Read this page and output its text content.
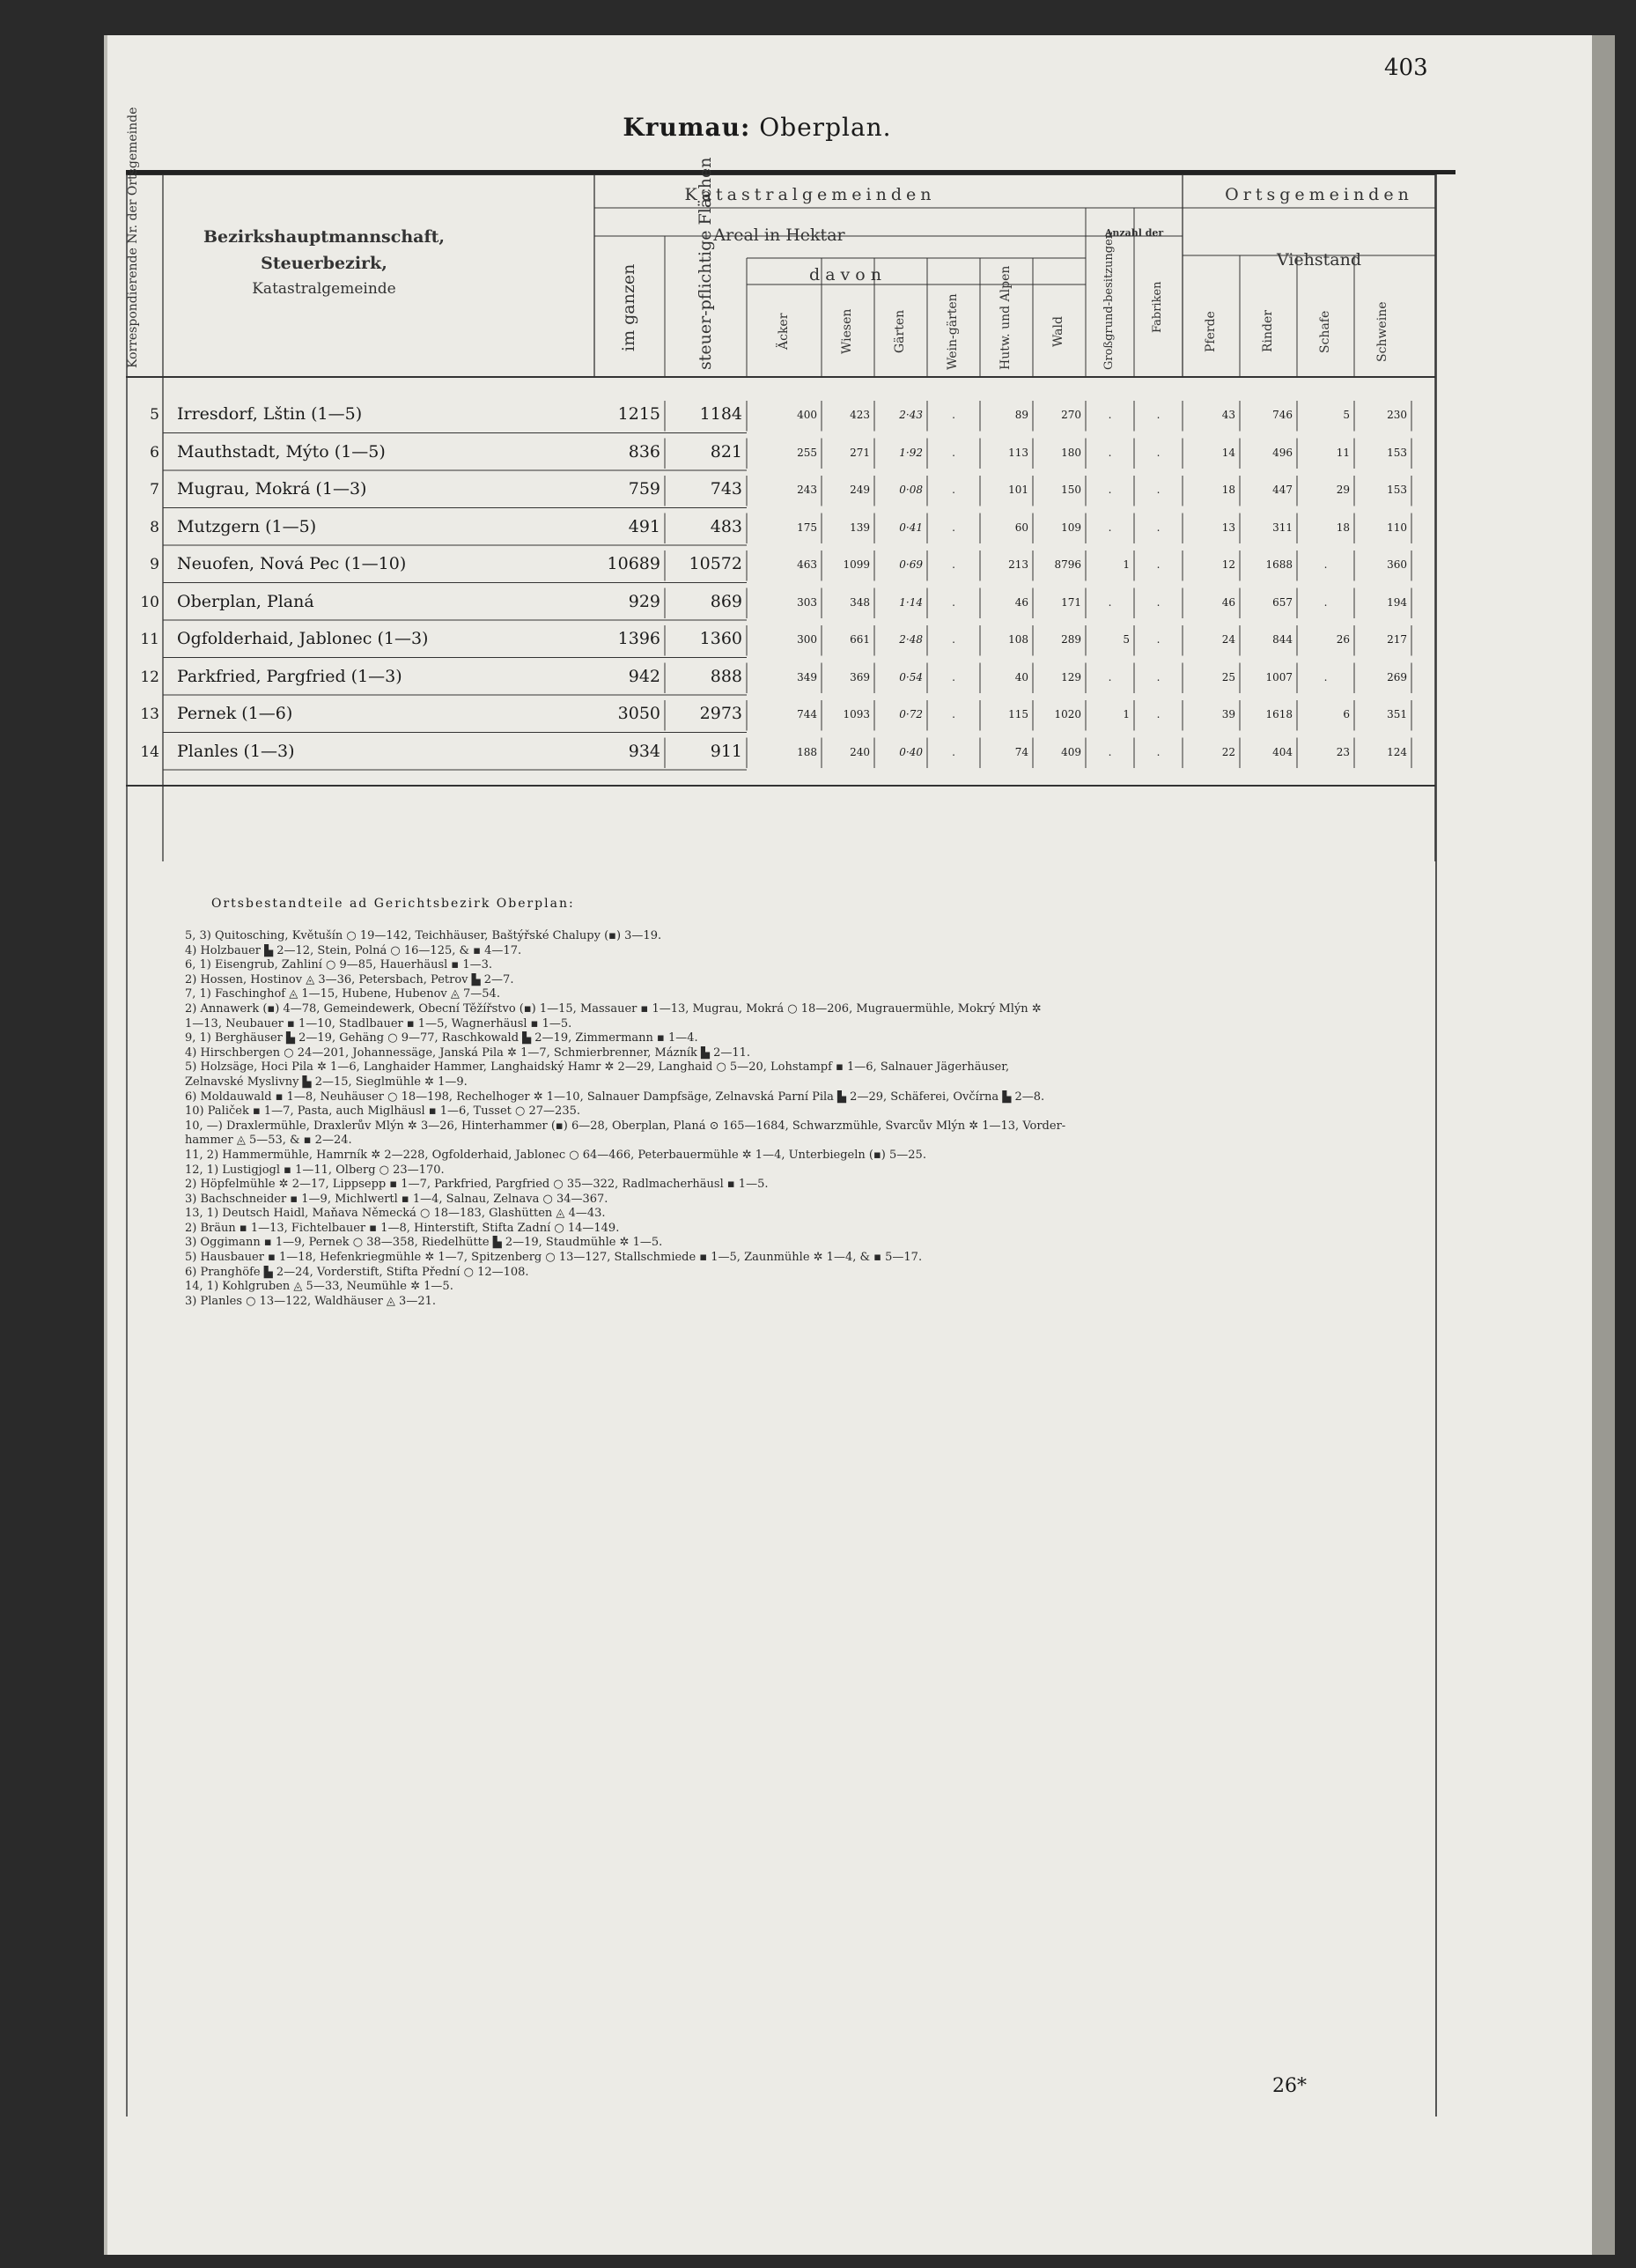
403
Krumau: Oberplan.
Korrespondierende Nr. der Ortsgemeinde	Bezirkshauptmannschaft,
Steuerbezirk,
Katastralgemeinde
Katastralgemeinden	Ortsgemeinden
Areal in Hektar	Anzahl der
davon
Viehstand
im ganzen	steuer-pflichtige Flächen	Äcker	Wiesen	Gärten	Wein-gärten	Hutw. und Alpen	Wald	Großgrund-besitzungen	Fabriken	Pferde	Rinder	Schafe	Schweine
5 Irresdorf, Lštin (1—5)	1215	1184	400	423	2·43	.	89	270	.	.	43	746	5	230
6 Mauthstadt, Mýto (1—5)	836	821	255	271	1·92	.	113	180	.	.	14	496	11	153
7 Mugrau, Mokrá (1—3)	759	743	243	249	0·08	.	101	150	.	.	18	447	29	153
8 Mutzgern (1—5)	491	483	175	139	0·41	.	60	109	.	.	13	311	18	110
9 Neuofen, Nová Pec (1—10)	10689	10572	463	1099	0·69	.	213	8796	1	.	12	1688	.	360
10 Oberplan, Planá	929	869	303	348	1·14	.	46	171	.	.	46	657	.	194
11 Ogfolderhaid, Jablonec (1—3)	1396	1360	300	661	2·48	.	108	289	5	.	24	844	26	217
12 Parkfried, Pargfried (1—3)	942	888	349	369	0·54	.	40	129	.	.	25	1007	.	269
13 Pernek (1—6)	3050	2973	744	1093	0·72	.	115	1020	1	.	39	1618	6	351
14 Planles (1—3)	934	911	188	240	0·40	.	74	409	.	.	22	404	23	124
Ortsbestandteile ad Gerichtsbezirk Oberplan:
5, 3) Quitosching, Květušín ○ 19—142, Teichhäuser, Baštýřské Chalupy (▪) 3—19.
4) Holzbauer ▙ 2—12, Stein, Polná ○ 16—125, & ▪ 4—17.
6, 1) Eisengrub, Zahliní ○ 9—85, Hauerhäusl ▪ 1—3.
2) Hossen, Hostinov ◬ 3—36, Petersbach, Petrov ▙ 2—7.
7, 1) Faschinghof ◬ 1—15, Hubene, Hubenov ◬ 7—54.
2) Annawerk (▪) 4—78, Gemeindewerk, Obecní Těžířstvo (▪) 1—15, Massauer ▪ 1—13, Mugrau, Mokrá ○ 18—206, Mugrauermühle, Mokrý Mlýn ✲
1—13, Neubauer ▪ 1—10, Stadlbauer ▪ 1—5, Wagnerhäusl ▪ 1—5.
9, 1) Berghäuser ▙ 2—19, Gehäng ○ 9—77, Raschkowald ▙ 2—19, Zimmermann ▪ 1—4.
4) Hirschbergen ○ 24—201, Johannessäge, Janská Pila ✲ 1—7, Schmierbrenner, Mázník ▙ 2—11.
5) Holzsäge, Hoci Pila ✲ 1—6, Langhaider Hammer, Langhaidský Hamr ✲ 2—29, Langhaid ○ 5—20, Lohstampf ▪ 1—6, Salnauer Jägerhäuser,
Zelnavské Myslivny ▙ 2—15, Sieglmühle ✲ 1—9.
6) Moldauwald ▪ 1—8, Neuhäuser ○ 18—198, Rechelhoger ✲ 1—10, Salnauer Dampfsäge, Zelnavská Parní Pila ▙ 2—29, Schäferei, Ovčírna ▙ 2—8.
10) Paliček ▪ 1—7, Pasta, auch Miglhäusl ▪ 1—6, Tusset ○ 27—235.
10, —) Draxlermühle, Draxlerův Mlýn ✲ 3—26, Hinterhammer (▪) 6—28, Oberplan, Planá ⊙ 165—1684, Schwarzmühle, Švarcův Mlýn ✲ 1—13, Vorder-
hammer ◬ 5—53, & ▪ 2—24.
11, 2) Hammermühle, Hamrník ✲ 2—228, Ogfolderhaid, Jablonec ○ 64—466, Peterbauermühle ✲ 1—4, Unterbiegeln (▪) 5—25.
12, 1) Lustigjogl ▪ 1—11, Ölberg ○ 23—170.
2) Höpfelmühle ✲ 2—17, Lippsepp ▪ 1—7, Parkfried, Pargfried ○ 35—322, Radlmacherhäusl ▪ 1—5.
3) Bachschneider ▪ 1—9, Michlwertl ▪ 1—4, Salnau, Zelnava ○ 34—367.
13, 1) Deutsch Haidl, Maňava Německá ○ 18—183, Glashütten ◬ 4—43.
2) Bräun ▪ 1—13, Fichtelbauer ▪ 1—8, Hinterstift, Štifta Zadní ○ 14—149.
3) Oggimann ▪ 1—9, Pernek ○ 38—358, Riedelhütte ▙ 2—19, Staudmühle ✲ 1—5.
5) Hausbauer ▪ 1—18, Hefenkriegmühle ✲ 1—7, Spitzenberg ○ 13—127, Stallschmiede ▪ 1—5, Zaunmühle ✲ 1—4, & ▪ 5—17.
6) Pranghöfe ▙ 2—24, Vorderstift, Štifta Přední ○ 12—108.
14, 1) Kohlgruben ◬ 5—33, Neumühle ✲ 1—5.
3) Planles ○ 13—122, Waldhäuser ◬ 3—21.
26*
